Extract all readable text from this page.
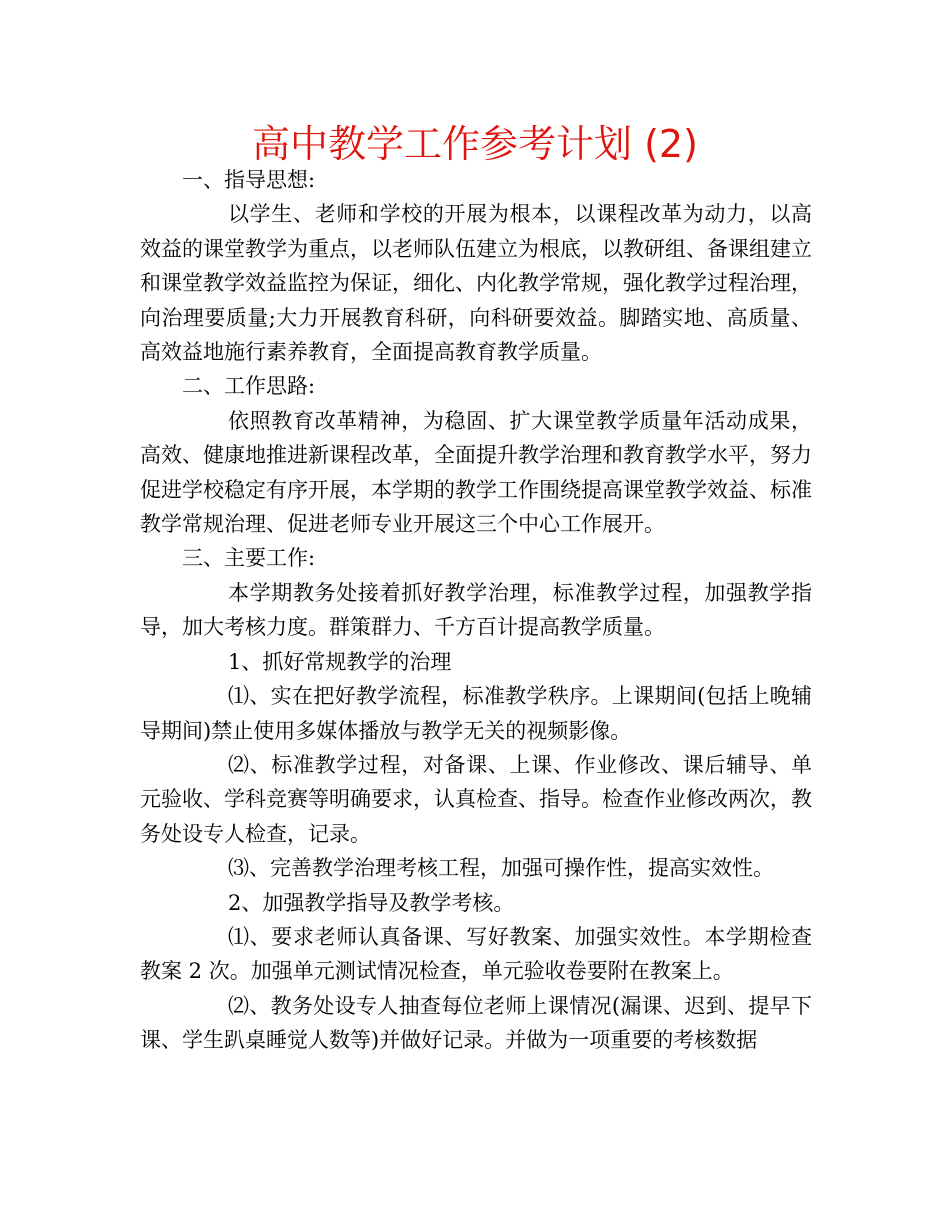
高中教学工作参考计划 (2)

一、指导思想:

以学生、老师和学校的开展为根本，以课程改革为动力，以高效益的课堂教学为重点，以老师队伍建立为根底，以教研组、备课组建立和课堂教学效益监控为保证，细化、内化教学常规，强化教学过程治理，向治理要质量;大力开展教育科研，向科研要效益。脚踏实地、高质量、高效益地施行素养教育，全面提高教育教学质量。

二、工作思路:

依照教育改革精神，为稳固、扩大课堂教学质量年活动成果，高效、健康地推进新课程改革，全面提升教学治理和教育教学水平，努力促进学校稳定有序开展，本学期的教学工作围绕提高课堂教学效益、标准教学常规治理、促进老师专业开展这三个中心工作展开。

三、主要工作:

本学期教务处接着抓好教学治理，标准教学过程，加强教学指导，加大考核力度。群策群力、千方百计提高教学质量。

1、抓好常规教学的治理

⑴、实在把好教学流程，标准教学秩序。上课期间(包括上晚辅导期间)禁止使用多媒体播放与教学无关的视频影像。

⑵、标准教学过程，对备课、上课、作业修改、课后辅导、单元验收、学科竞赛等明确要求，认真检查、指导。检查作业修改两次，教务处设专人检查，记录。

⑶、完善教学治理考核工程，加强可操作性，提高实效性。

2、加强教学指导及教学考核。

⑴、要求老师认真备课、写好教案、加强实效性。本学期检查教案 2 次。加强单元测试情况检查，单元验收卷要附在教案上。

⑵、教务处设专人抽查每位老师上课情况(漏课、迟到、提早下课、学生趴桌睡觉人数等)并做好记录。并做为一项重要的考核数据
